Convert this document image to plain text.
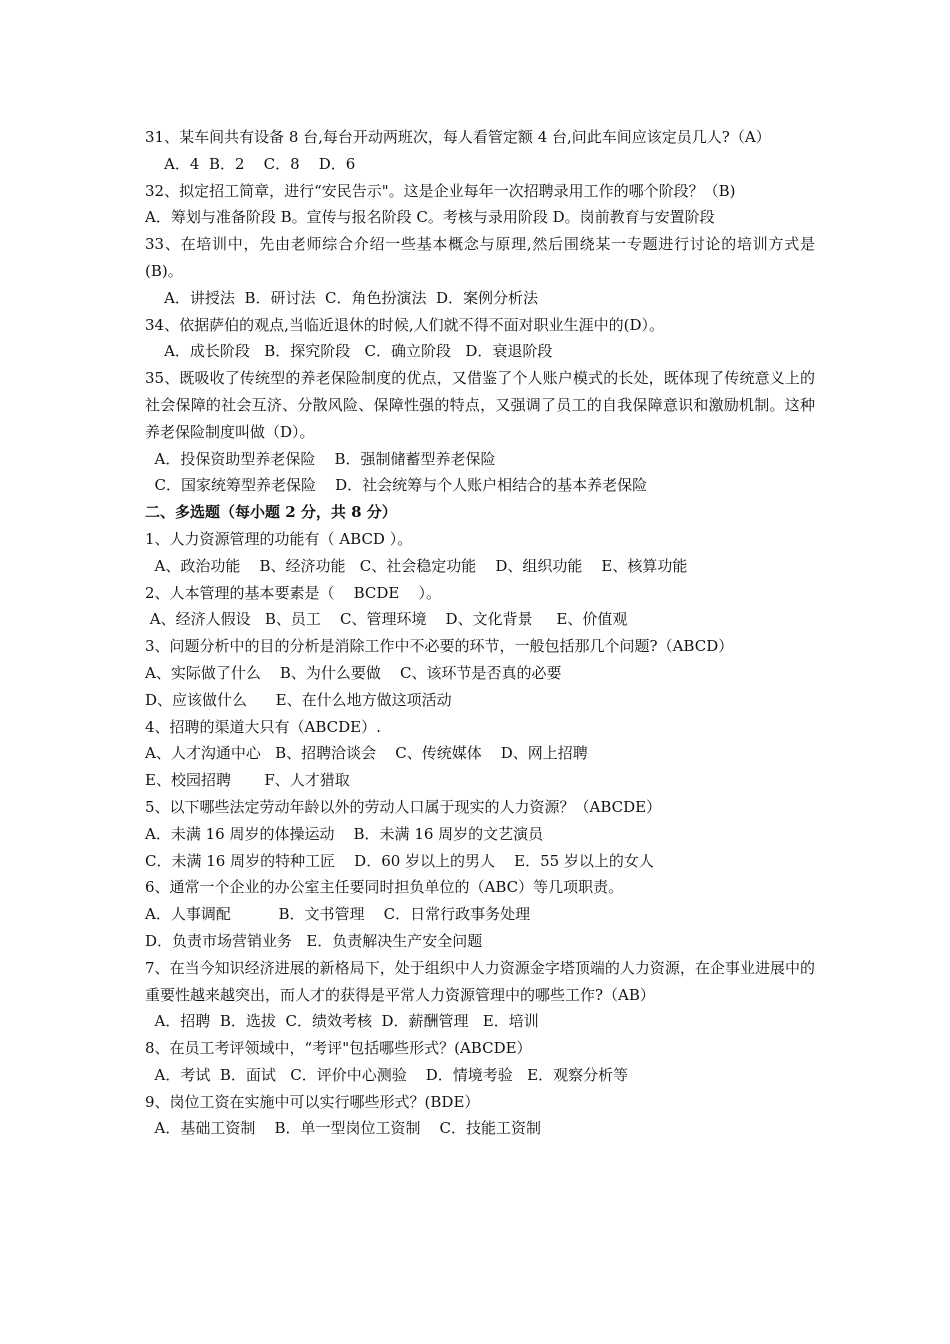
31、某车间共有设备 8 台,每台开动两班次，每人看管定额 4 台,问此车间应该定员几人?（A）
A．4  B．2    C．8    D．6
32、拟定招工简章，进行“安民告示"。这是企业每年一次招聘录用工作的哪个阶段？（B)
A．筹划与准备阶段 B。宣传与报名阶段 C。考核与录用阶段 D。岗前教育与安置阶段
33、在培训中，先由老师综合介绍一些基本概念与原理,然后围绕某一专题进行讨论的培训方式是(B)。
A．讲授法  B．研讨法  C．角色扮演法  D．案例分析法
34、依据萨伯的观点,当临近退休的时候,人们就不得不面对职业生涯中的(D）。
A．成长阶段   B．探究阶段   C．确立阶段   D．衰退阶段
35、既吸收了传统型的养老保险制度的优点，又借鉴了个人账户模式的长处，既体现了传统意义上的社会保障的社会互济、分散风险、保障性强的特点，又强调了员工的自我保障意识和激励机制。这种养老保险制度叫做（D）。
A．投保资助型养老保险    B．强制储蓄型养老保险
C．国家统筹型养老保险    D．社会统筹与个人账户相结合的基本养老保险
二、多选题（每小题 2 分，共 8 分）
1、人力资源管理的功能有（ ABCD ）。
A、政治功能    B、经济功能   C、社会稳定功能    D、组织功能    E、核算功能
2、人本管理的基本要素是（    BCDE    ）。
A、经济人假设   B、员工    C、管理环境    D、文化背景     E、价值观
3、问题分析中的目的分析是消除工作中不必要的环节，一般包括那几个问题?（ABCD）
A、实际做了什么    B、为什么要做    C、该环节是否真的必要
D、应该做什么      E、在什么地方做这项活动
4、招聘的渠道大只有（ABCDE）.
A、人才沟通中心   B、招聘洽谈会    C、传统媒体    D、网上招聘
E、校园招聘       F、人才猎取
5、以下哪些法定劳动年龄以外的劳动人口属于现实的人力资源？（ABCDE）
A．未满 16 周岁的体操运动    B．未满 16 周岁的文艺演员
C．未满 16 周岁的特种工匠    D．60 岁以上的男人    E．55 岁以上的女人
6、通常一个企业的办公室主任要同时担负单位的（ABC）等几项职责。
A．人事调配          B．文书管理    C．日常行政事务处理
D．负责市场营销业务   E．负责解决生产安全问题
7、在当今知识经济进展的新格局下，处于组织中人力资源金字塔顶端的人力资源，在企事业进展中的重要性越来越突出，而人才的获得是平常人力资源管理中的哪些工作?（AB）
A．招聘  B．选拔  C．绩效考核  D．薪酬管理   E．培训
8、在员工考评领域中，“考评"包括哪些形式？(ABCDE）
A．考试  B．面试   C．评价中心测验    D．情境考验   E．观察分析等
9、岗位工资在实施中可以实行哪些形式？(BDE）
A．基础工资制    B．单一型岗位工资制    C．技能工资制
